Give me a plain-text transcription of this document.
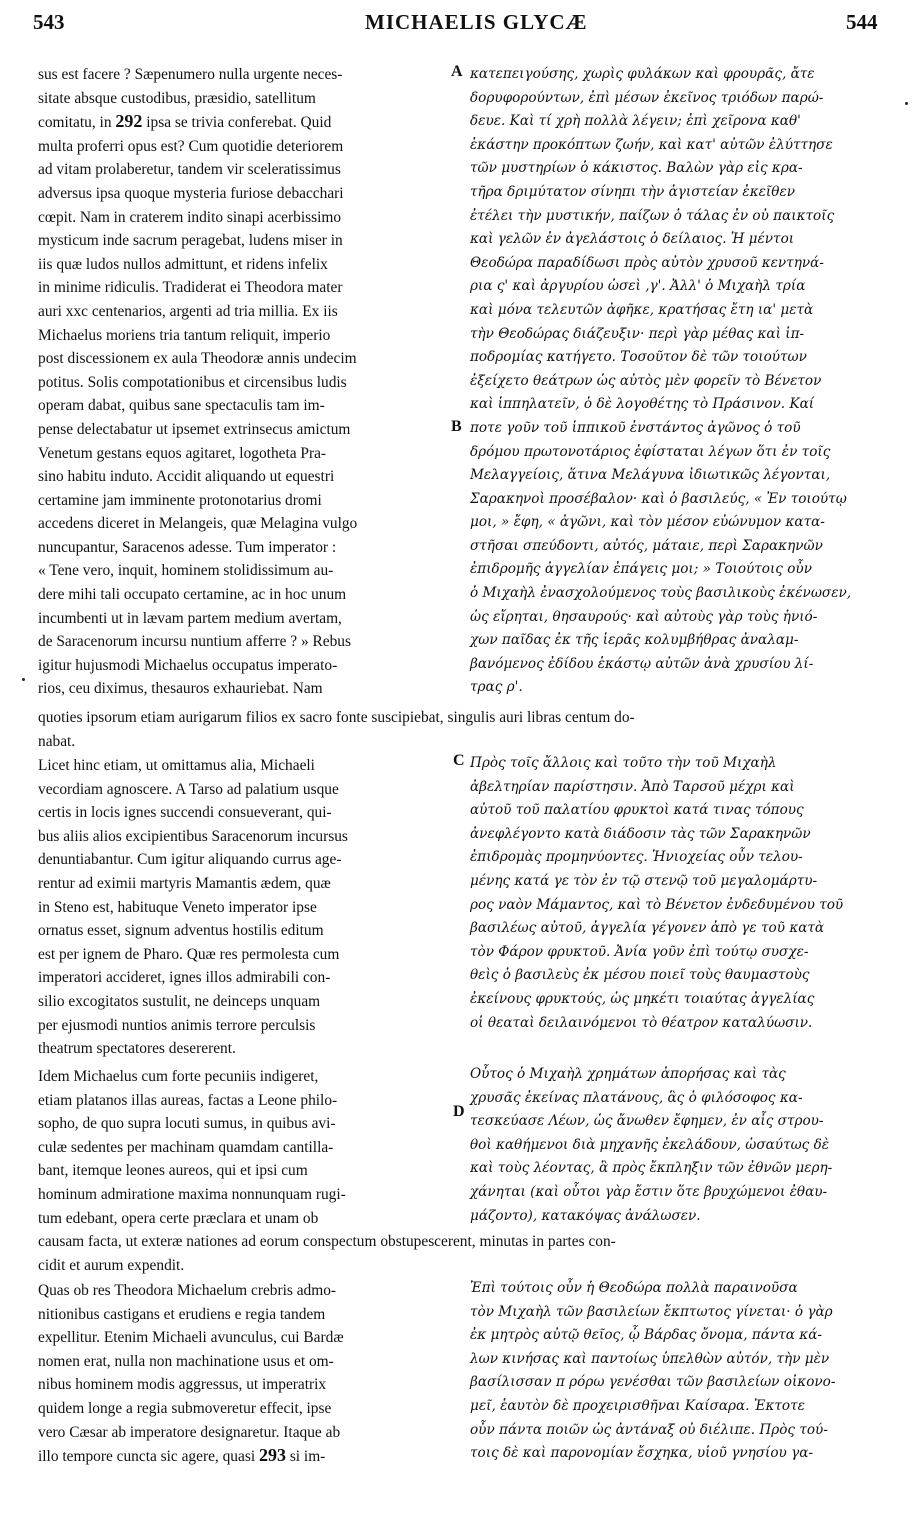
543	MICHAELIS GLYCÆ	544
A
B
C
D
sus est facere ? Sæpenumero nulla urgente neces-
sitate absque custodibus, præsidio, satellitum
comitatu, in 292 ipsa se trivia conferebat. Quid
multa proferri opus est? Cum quotidie deteriorem
ad vitam prolaberetur, tandem vir sceleratissimus
adversus ipsa quoque mysteria furiose debacchari
cœpit. Nam in craterem indito sinapi acerbissimo
mysticum inde sacrum peragebat, ludens miser in
iis quæ ludos nullos admittunt, et ridens infelix
in minime ridiculis. Tradiderat ei Theodora mater
auri xxc centenarios, argenti ad tria millia. Ex iis
Michaelus moriens tria tantum reliquit, imperio
post discessionem ex aula Theodoræ annis undecim
potitus. Solis compotationibus et circensibus ludis
operam dabat, quibus sane spectaculis tam im-
pense delectabatur ut ipsemet extrinsecus amictum
Venetum gestans equos agitaret, logotheta Pra-
sino habitu induto. Accidit aliquando ut equestri
certamine jam imminente protonotarius dromi
accedens diceret in Melangeis, quæ Melagina vulgo
nuncupantur, Saracenos adesse. Tum imperator :
« Tene vero, inquit, hominem stolidissimum au-
dere mihi tali occupato certamine, ac in hoc unum
incumbenti ut in lævam partem medium avertam,
de Saracenorum incursu nuntium afferre ? » Rebus
igitur hujusmodi Michaelus occupatus imperato-
rios, ceu diximus, thesauros exhauriebat. Nam
quoties ipsorum etiam aurigarum filios ex sacro fonte suscipiebat, singulis auri libras centum do-
nabat.
κατεπειγούσης, χωρὶς φυλάκων καὶ φρουρᾶς, ἄτε
δορυφορούντων, ἐπὶ μέσων ἐκεῖνος τριόδων παρώ-
δευε. Καὶ τί χρὴ πολλὰ λέγειν; ἐπὶ χεῖρονα καθ'
ἑκάστην προκόπτων ζωήν, καὶ κατ' αὐτῶν ἐλύττησε
τῶν μυστηρίων ὁ κάκιστος. Βαλὼν γὰρ εἰς κρα-
τῆρα δριμύτατον σίνηπι τὴν ἁγιστείαν ἐκεῖθεν
ἐτέλει τὴν μυστικήν, παίζων ὁ τάλας ἐν οὐ παικτοῖς
καὶ γελῶν ἐν ἀγελάστοις ὁ δείλαιος. Ἡ μέντοι
Θεοδώρα παραδίδωσι πρὸς αὐτὸν χρυσοῦ κεντηνά-
ρια ς' καὶ ἀργυρίου ὡσεὶ ,γ'. Ἀλλ' ὁ Μιχαὴλ τρία
καὶ μόνα τελευτῶν ἀφῆκε, κρατήσας ἔτη ια' μετὰ
τὴν Θεοδώρας διάζευξιν· περὶ γὰρ μέθας καὶ ἱπ-
ποδρομίας κατήγετο. Τοσοῦτον δὲ τῶν τοιούτων
ἐξείχετο θεάτρων ὡς αὐτὸς μὲν φορεῖν τὸ Βένετον
καὶ ἱππηλατεῖν, ὁ δὲ λογοθέτης τὸ Πράσινον. Καί
ποτε γοῦν τοῦ ἱππικοῦ ἐνστάντος ἀγῶνος ὁ τοῦ
δρόμου πρωτονοτάριος ἐφίσταται λέγων ὅτι ἐν τοῖς
Μελαγγείοις, ἅτινα Μελάγυνα ἰδιωτικῶς λέγονται,
Σαρακηνοὶ προσέβαλον· καὶ ὁ βασιλεύς, « Ἐν τοιούτῳ
μοι, » ἔφη, « ἀγῶνι, καὶ τὸν μέσον εὐώνυμον κατα-
στῆσαι σπεύδοντι, αὐτός, μάταιε, περὶ Σαρακηνῶν
ἐπιδρομῆς ἀγγελίαν ἐπάγεις μοι; » Τοιούτοις οὖν
ὁ Μιχαὴλ ἐνασχολούμενος τοὺς βασιλικοὺς ἐκένωσεν,
ὡς εἴρηται, θησαυρούς· καὶ αὐτοὺς γὰρ τοὺς ἡνιό-
χων παῖδας ἐκ τῆς ἱερᾶς κολυμβήθρας ἀναλαμ-
βανόμενος ἐδίδου ἑκάστῳ αὐτῶν ἀνὰ χρυσίου λί-
τρας ρ'.
Licet hinc etiam, ut omittamus alia, Michaeli
vecordiam agnoscere. A Tarso ad palatium usque
certis in locis ignes succendi consueverant, qui-
bus aliis alios excipientibus Saracenorum incursus
denuntiabantur. Cum igitur aliquando currus age-
rentur ad eximii martyris Mamantis ædem, quæ
in Steno est, habituque Veneto imperator ipse
ornatus esset, signum adventus hostilis editum
est per ignem de Pharo. Quæ res permolesta cum
imperatori accideret, ignes illos admirabili con-
silio excogitatos sustulit, ne deinceps unquam
per ejusmodi nuntios animis terrore perculsis
theatrum spectatores desererent.
Πρὸς τοῖς ἄλλοις καὶ τοῦτο τὴν τοῦ Μιχαὴλ
ἀβελτηρίαν παρίστησιν. Ἀπὸ Ταρσοῦ μέχρι καὶ
αὐτοῦ τοῦ παλατίου φρυκτοὶ κατά τινας τόπους
ἀνεφλέγοντο κατὰ διάδοσιν τὰς τῶν Σαρακηνῶν
ἐπιδρομὰς προμηνύοντες. Ἡνιοχείας οὖν τελου-
μένης κατά γε τὸν ἐν τῷ στενῷ τοῦ μεγαλομάρτυ-
ρος ναὸν Μάμαντος, καὶ τὸ Βένετον ἐνδεδυμένου τοῦ
βασιλέως αὐτοῦ, ἀγγελία γέγονεν ἀπὸ γε τοῦ κατὰ
τὸν Φάρον φρυκτοῦ. Ἀνία γοῦν ἐπὶ τούτῳ συσχε-
θεὶς ὁ βασιλεὺς ἐκ μέσου ποιεῖ τοὺς θαυμαστοὺς
ἐκείνους φρυκτούς, ὡς μηκέτι τοιαύτας ἀγγελίας
οἱ θεαταὶ δειλαινόμενοι τὸ θέατρον καταλύωσιν.
Idem Michaelus cum forte pecuniis indigeret,
etiam platanos illas aureas, factas a Leone philo-
sopho, de quo supra locuti sumus, in quibus avi-
culæ sedentes per machinam quamdam cantilla-
bant, itemque leones aureos, qui et ipsi cum
hominum admiratione maxima nonnunquam rugi-
tum edebant, opera certe præclara et unam ob
causam facta, ut exteræ nationes ad eorum conspectum obstupescerent, minutas in partes con-
cidit et aurum expendit.
Οὗτος ὁ Μιχαὴλ χρημάτων ἀπορήσας καὶ τὰς
χρυσᾶς ἐκείνας πλατάνους, ἃς ὁ φιλόσοφος κα-
τεσκεύασε Λέων, ὡς ἄνωθεν ἔφημεν, ἐν αἷς στρου-
θοὶ καθήμενοι διὰ μηχανῆς ἐκελάδουν, ὡσαύτως δὲ
καὶ τοὺς λέοντας, ἃ πρὸς ἔκπληξιν τῶν ἐθνῶν μερη-
χάνηται (καὶ οὗτοι γὰρ ἔστιν ὅτε βρυχώμενοι ἐθαυ-
μάζοντο), κατακόψας ἀνάλωσεν.
Quas ob res Theodora Michaelum crebris admo-
nitionibus castigans et erudiens e regia tandem
expellitur. Etenim Michaeli avunculus, cui Bardæ
nomen erat, nulla non machinatione usus et om-
nibus hominem modis aggressus, ut imperatrix
quidem longe a regia submoveretur effecit, ipse
vero Cæsar ab imperatore designaretur. Itaque ab
illo tempore cuncta sic agere, quasi 293 si im-
Ἐπὶ τούτοις οὖν ἡ Θεοδώρα πολλὰ παραινοῦσα
τὸν Μιχαὴλ τῶν βασιλείων ἔκπτωτος γίνεται· ὁ γὰρ
ἐκ μητρὸς αὐτῷ θεῖος, ᾧ Βάρδας ὄνομα, πάντα κά-
λων κινήσας καὶ παντοίως ὑπελθὼν αὐτόν, τὴν μὲν
βασίλισσαν π ρόρω γενέσθαι τῶν βασιλείων οἰκονο-
μεῖ, ἑαυτὸν δὲ προχειρισθῆναι Καίσαρα. Ἐκτοτε
οὖν πάντα ποιῶν ὡς ἀντάναξ οὐ διέλιπε. Πρὸς τού-
τοις δὲ καὶ παρονομίαν ἔσχηκα, υἱοῦ γνησίου γα-
